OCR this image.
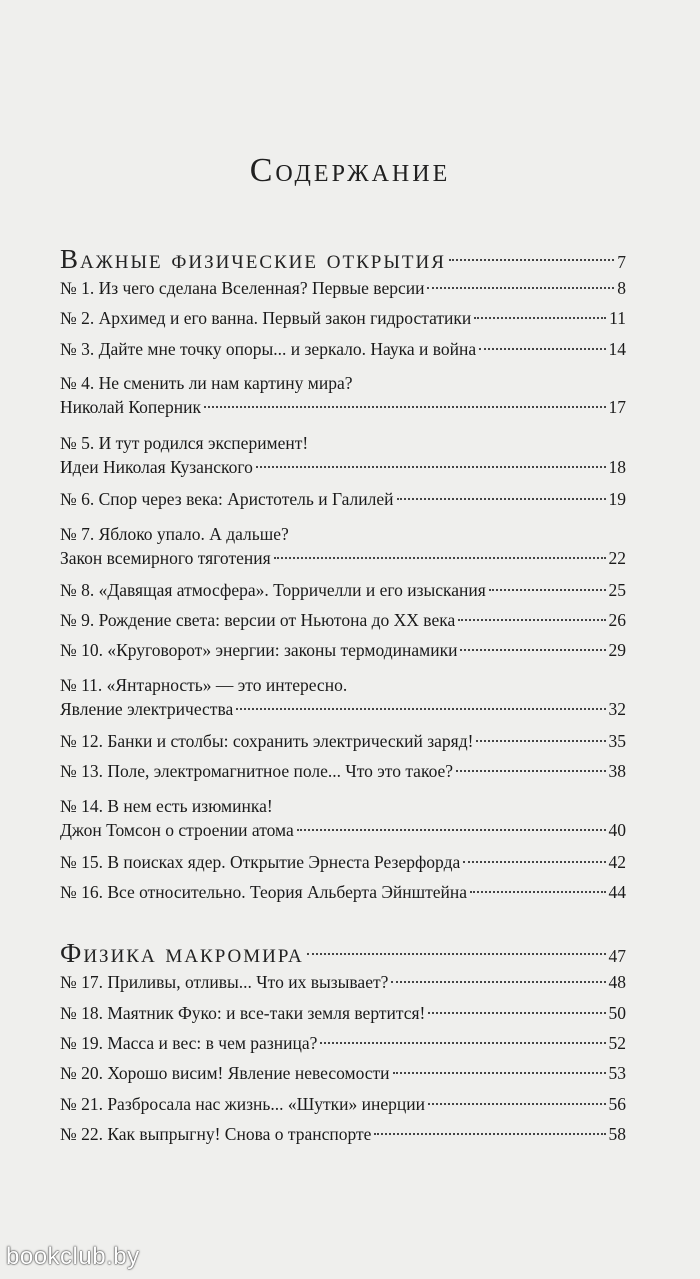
Содержание
Важные физические открытия	7
№ 1. Из чего сделана Вселенная? Первые версии	8
№ 2. Архимед и его ванна. Первый закон гидростатики	11
№ 3. Дайте мне точку опоры... и зеркало. Наука и война	14
№ 4. Не сменить ли нам картину мира?
Николай Коперник	17
№ 5. И тут родился эксперимент!
Идеи Николая Кузанского	18
№ 6. Спор через века: Аристотель и Галилей	19
№ 7. Яблоко упало. А дальше?
Закон всемирного тяготения	22
№ 8. «Давящая атмосфера». Торричелли и его изыскания	25
№ 9. Рождение света: версии от Ньютона до XX века	26
№ 10. «Круговорот» энергии: законы термодинамики	29
№ 11. «Янтарность» — это интересно.
Явление электричества	32
№ 12. Банки и столбы: сохранить электрический заряд!	35
№ 13. Поле, электромагнитное поле... Что это такое?	38
№ 14. В нем есть изюминка!
Джон Томсон о строении атома	40
№ 15. В поисках ядер. Открытие Эрнеста Резерфорда	42
№ 16. Все относительно. Теория Альберта Эйнштейна	44
Физика макромира	47
№ 17. Приливы, отливы... Что их вызывает?	48
№ 18. Маятник Фуко: и все-таки земля вертится!	50
№ 19. Масса и вес: в чем разница?	52
№ 20. Хорошо висим! Явление невесомости	53
№ 21. Разбросала нас жизнь... «Шутки» инерции	56
№ 22. Как выпрыгну! Снова о транспорте	58
bookclub.by
